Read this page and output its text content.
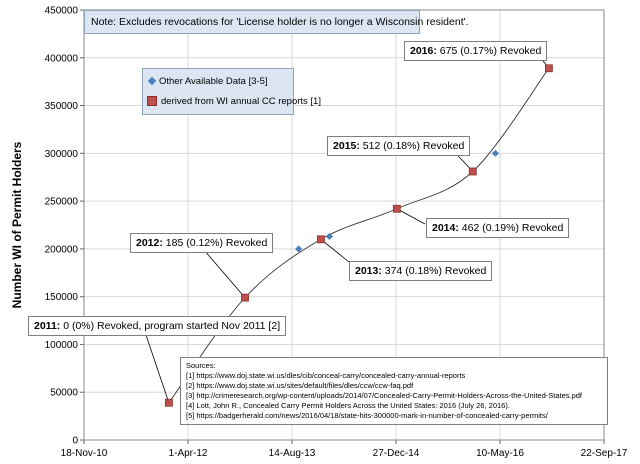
0
50000
100000
150000
200000
250000
300000
350000
400000
450000
18-Nov-10	1-Apr-12	14-Aug-13	27-Dec-14	10-May-16	22-Sep-17
Number WI of Permit Holders
Note: Excludes revocations for 'License holder is no longer a Wisconsin resident'.
Other Available Data [3-5]
derived from WI annual CC reports [1]
2016: 675 (0.17%) Revoked
2015: 512 (0.18%) Revoked
2014: 462 (0.19%) Revoked
2013: 374 (0.18%) Revoked
2012: 185 (0.12%) Revoked
2011: 0 (0%) Revoked, program started Nov 2011 [2]
Sources:
[1] https://www.doj.state.wi.us/dles/cib/conceal-carry/concealed-carry-annual-reports
[2] https://www.doj.state.wi.us/sites/default/files/dles/ccw/ccw-faq.pdf
[3] http://crimeresearch.org/wp-content/uploads/2014/07/Concealed-Carry-Permit-Holders-Across-the-United-States.pdf
[4] Lott, John R., Concealed Carry Permit Holders Across the United States: 2016 (July 26, 2016).
[5] https://badgerherald.com/news/2016/04/18/state-hits-300000-mark-in-number-of-concealed-carry-permits/
